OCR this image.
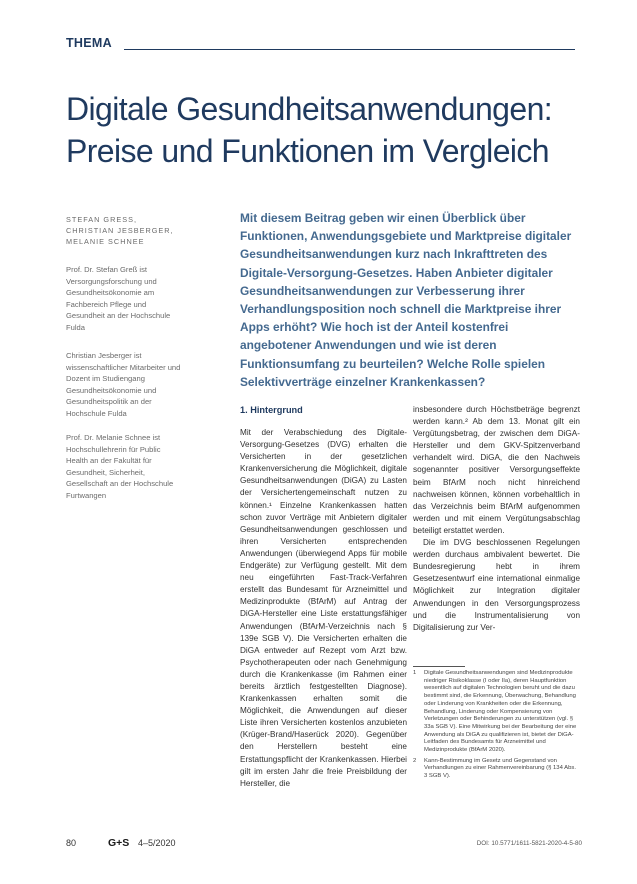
THEMA
Digitale Gesundheitsanwendungen: Preise und Funktionen im Vergleich
STEFAN GRESS,
CHRISTIAN JESBERGER,
MELANIE SCHNEE
Prof. Dr. Stefan Greß ist Versorgungsforschung und Gesundheitsökonomie am Fachbereich Pflege und Gesundheit an der Hochschule Fulda
Christian Jesberger ist wissenschaftlicher Mitarbeiter und Dozent im Studiengang Gesundheitsökonomie und Gesundheitspolitik an der Hochschule Fulda
Prof. Dr. Melanie Schnee ist Hochschullehrerin für Public Health an der Fakultät für Gesundheit, Sicherheit, Gesellschaft an der Hochschule Furtwangen

Mit diesem Beitrag geben wir einen Überblick über Funktionen, Anwendungsgebiete und Marktpreise digitaler Gesundheitsanwendungen kurz nach Inkrafttreten des Digitale-Versorgung-Gesetzes. Haben Anbieter digitaler Gesundheitsanwendungen zur Verbesserung ihrer Verhandlungsposition noch schnell die Marktpreise ihrer Apps erhöht? Wie hoch ist der Anteil kostenfrei angebotener Anwendungen und wie ist deren Funktionsumfang zu beurteilen? Welche Rolle spielen Selektivverträge einzelner Krankenkassen?

1. Hintergrund

Mit der Verabschiedung des Digitale-Versorgung-Gesetzes (DVG) erhalten die Versicherten in der gesetzlichen Krankenversicherung die Möglichkeit, digitale Gesundheitsanwendungen (DiGA) zu Lasten der Versichertengemeinschaft nutzen zu können.¹ Einzelne Krankenkassen hatten schon zuvor Verträge mit Anbietern digitaler Gesundheitsanwendungen geschlossen und ihren Versicherten entsprechenden Anwendungen (überwiegend Apps für mobile Endgeräte) zur Verfügung gestellt. Mit dem neu eingeführten Fast-Track-Verfahren erstellt das Bundesamt für Arzneimittel und Medizinprodukte (BfArM) auf Antrag der DiGA-Hersteller eine Liste erstattungsfähiger Anwendungen (BfArM-Verzeichnis nach § 139e SGB V). Die Versicherten erhalten die DiGA entweder auf Rezept vom Arzt bzw. Psychotherapeuten oder nach Genehmigung durch die Krankenkasse (im Rahmen einer bereits ärztlich festgestellten Diagnose). Krankenkassen erhalten somit die Möglichkeit, die Anwendungen auf dieser Liste ihren Versicherten kostenlos anzubieten (Krüger-Brand/Haserück 2020). Gegenüber den Herstellern besteht eine Erstattungspflicht der Krankenkassen. Hierbei gilt im ersten Jahr die freie Preisbildung der Hersteller, die

insbesondere durch Höchstbeträge begrenzt werden kann.² Ab dem 13. Monat gilt ein Vergütungsbetrag, der zwischen dem DiGA-Hersteller und dem GKV-Spitzenverband verhandelt wird. DiGA, die den Nachweis sogenannter positiver Versorgungseffekte beim BfArM noch nicht hinreichend nachweisen können, können vorbehaltlich in das Verzeichnis beim BfArM aufgenommen werden und mit einem Vergütungsabschlag beteiligt erstattet werden.

Die im DVG beschlossenen Regelungen werden durchaus ambivalent bewertet. Die Bundesregierung hebt in ihrem Gesetzesentwurf eine international einmalige Möglichkeit zur Integration digitaler Anwendungen in den Versorgungsprozess und die Instrumentalisierung von Digitalisierung zur Ver-

1 Digitale Gesundheitsanwendungen sind Medizinprodukte niedriger Risikoklasse (I oder IIa), deren Hauptfunktion wesentlich auf digitalen Technologien beruht und die dazu bestimmt sind, die Erkennung, Überwachung, Behandlung oder Linderung von Krankheiten oder die Erkennung, Behandlung, Linderung oder Kompensierung von Verletzungen oder Behinderungen zu unterstützen (vgl. § 33a SGB V). Eine Mitwirkung bei der Bearbeitung der eine Anwendung als DiGA zu qualifizieren ist, bietet der DiGA-Leitfaden des Bundesamts für Arzneimittel und Medizinprodukte (BfArM 2020).
2 Kann-Bestimmung im Gesetz und Gegenstand von Verhandlungen zu einer Rahmenvereinbarung (§ 134 Abs. 3 SGB V).
80	G+S 4–5/2020	DOI: 10.5771/1611-5821-2020-4-5-80
